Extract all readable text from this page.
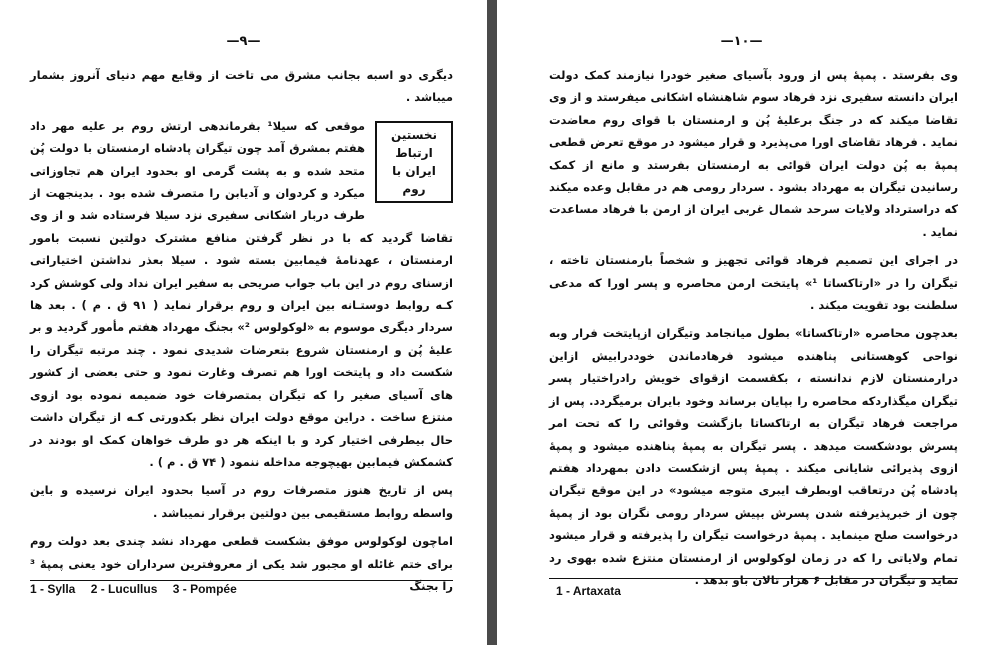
—٩—

دیگری دو اسبه بجانب مشرق می تاخت از وقایع مهم دنیای آنروز بشمار میباشد .

نخستین ارتباط ایران با روم

موقعی که سیلا¹ بفرماندهی ارتش روم بر علیه مهر داد هفتم بمشرق آمد چون تیگران پادشاه ارمنستان با دولت پُن متحد شده و به پشت گرمی او بحدود ایران هم تجاوزاتی میکرد و کردوان و آدیابن را متصرف شده بود . بدینجهت از طرف دربار اشکانی سفیری نزد سیلا فرستاده شد و از وی تقاضا گردید که با در نظر گرفتن منافع مشترک دولتین نسبت بامور ارمنستان ، عهدنامهٔ فیمابین بسته شود . سیلا بعذر نداشتن اختیاراتی ازسنای روم در این باب جواب صریحی به سفیر ایران نداد ولی کوشش کرد کـه روابط دوستـانه بین ایران و روم برقرار نماید ( ۹۱ ق . م ) . بعد ها سردار دیگری موسوم به «لوکولوس ²» بجنگ مهرداد هفتم مأمور گردید و بر علیهٔ پُن و ارمنستان شروع بتعرضات شدیدی نمود . چند مرتبه تیگران را شکست داد و پایتخت اورا هم تصرف وغارت نمود و حتی بعضی از کشور های آسیای صغیر را که تیگران بمتصرفات خود ضمیمه نموده بود ازوی منتزع ساخت . دراین موقع دولت ایران نظر بکدورتی کـه از تیگران داشت حال بیطرفی اختیار کرد و با اینکه هر دو طرف خواهان کمک او بودند در کشمکش فیمابین بهیچوجه مداخله ننمود ( ۷۴ ق . م ) .

پس از تاریخ هنوز متصرفات روم در آسیا بحدود ایران نرسیده و باین واسطه روابط مستقیمی بین دولتین برقرار نمیباشد .

اماچون لوکولوس موفق بشکست قطعی مهرداد نشد چندی بعد دولت روم برای ختم غائله او مجبور شد یکی از معروفترین سرداران خود یعنی پمپهٔ ³ را بجنگ

1 - Sylla 2 - Lucullus 3 - Pompée
—١٠—

وی بفرستد . پمپهٔ پس از ورود بآسیای صغیر خودرا نیازمند کمک دولت ایران دانسته سفیری نزد فرهاد سوم شاهنشاه اشکانی میفرستد و از وی تقاضا میکند که در جنگ برعلیهٔ پُن و ارمنستان با قوای روم معاضدت نماید . فرهاد تقاضای اورا می‌پذیرد و قرار میشود در موقع تعرض قطعی پمپهٔ به پُن دولت ایران قوائی به ارمنستان بفرستد و مانع از کمک رسانیدن تیگران به مهرداد بشود . سردار رومی هم در مقابل وعده میکند که دراسترداد ولایات سرحد شمال غربی ایران از ارمن با فرهاد مساعدت نماید .

در اجرای این تصمیم فرهاد قوائی تجهیز و شخصاً بارمنستان تاخته ، تیگران را در «ارتاکساتا ¹» پایتخت ارمن محاصره و پسر اورا که مدعی سلطنت بود تقویت میکند .

بعدچون محاصره «ارتاکساتا» بطول میانجامد وتیگران ازپایتخت فرار وبه نواحی کوهستانی پناهنده میشود فرهادماندن خوددرابیش ازاین درارمنستان لازم ندانسته ، بکقسمت ازقوای خویش رادراختیار پسر تیگران میگذاردکه محاصره را بپایان برساند وخود بایران برمیگردد. پس از مراجعت فرهاد تیگران به ارتاکساتا بازگشت وقوائی را که تحت امر پسرش بودشکست میدهد . پسر تیگران به پمپهٔ پناهنده میشود و پمپهٔ ازوی پذیرائی شایانی میکند . پمپهٔ پس ازشکست دادن بمهرداد هفتم پادشاه پُن درتعاقب اوبطرف ایبری متوجه میشود» در این موقع تیگران چون از خبرپذیرفته شدن پسرش بپیش سردار رومی نگران بود از پمپهٔ درخواست صلح مینماید . پمپهٔ درخواست تیگران را پذیرفته و قرار میشود تمام ولایاتی را که در زمان لوکولوس از ارمنستان منتزع شده بهوی رد نماید و تیگران در مقابل ۶ هزار تالان باو بدهد .

1 - Artaxata
